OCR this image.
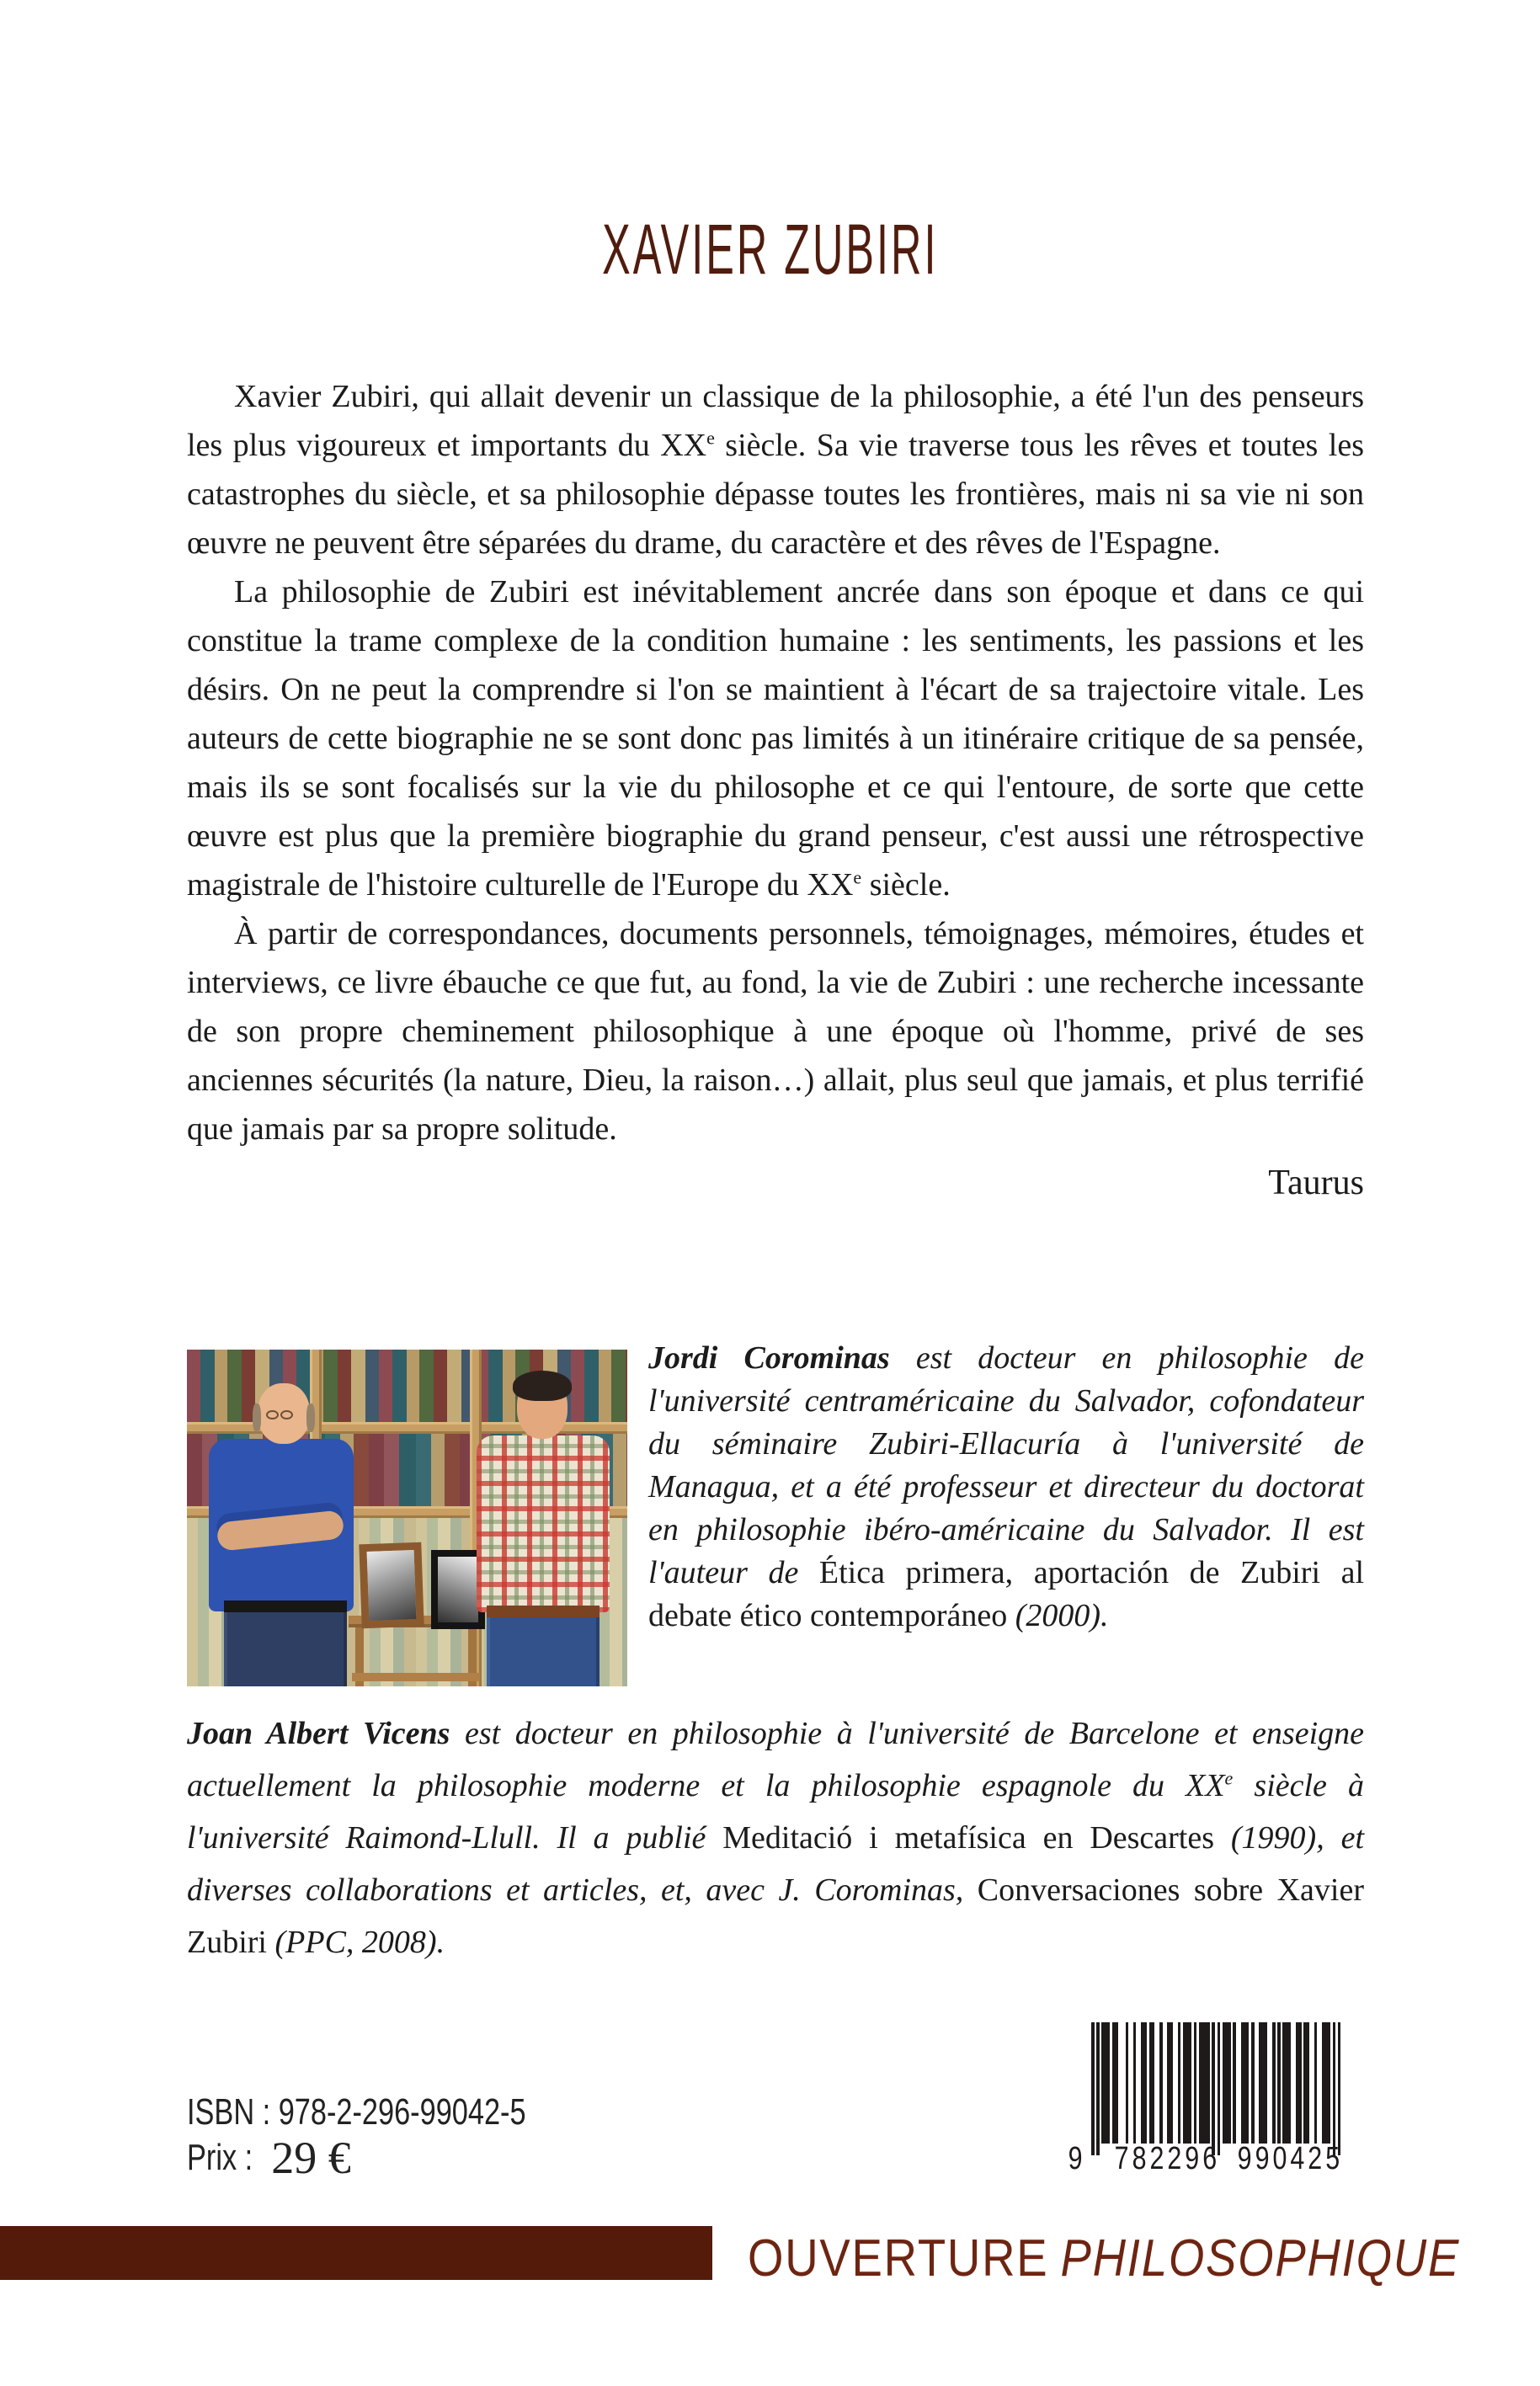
XAVIER ZUBIRI

Xavier Zubiri, qui allait devenir un classique de la philosophie, a été l'un des penseurs les plus vigoureux et importants du XXe siècle. Sa vie traverse tous les rêves et toutes les catastrophes du siècle, et sa philosophie dépasse toutes les frontières, mais ni sa vie ni son œuvre ne peuvent être séparées du drame, du caractère et des rêves de l'Espagne.

La philosophie de Zubiri est inévitablement ancrée dans son époque et dans ce qui constitue la trame complexe de la condition humaine : les sentiments, les passions et les désirs. On ne peut la comprendre si l'on se maintient à l'écart de sa trajectoire vitale. Les auteurs de cette biographie ne se sont donc pas limités à un itinéraire critique de sa pensée, mais ils se sont focalisés sur la vie du philosophe et ce qui l'entoure, de sorte que cette œuvre est plus que la première biographie du grand penseur, c'est aussi une rétrospective magistrale de l'histoire culturelle de l'Europe du XXe siècle.

À partir de correspondances, documents personnels, témoignages, mémoires, études et interviews, ce livre ébauche ce que fut, au fond, la vie de Zubiri : une recherche incessante de son propre cheminement philosophique à une époque où l'homme, privé de ses anciennes sécurités (la nature, Dieu, la raison…) allait, plus seul que jamais, et plus terrifié que jamais par sa propre solitude.

Taurus

Jordi Corominas est docteur en philosophie de l'université centraméricaine du Salvador, cofondateur du séminaire Zubiri-Ellacuría à l'université de Managua, et a été professeur et directeur du doctorat en philosophie ibéro-américaine du Salvador. Il est l'auteur de Ética primera, aportación de Zubiri al debate ético contemporáneo (2000).
Joan Albert Vicens est docteur en philosophie à l'université de Barcelone et enseigne actuellement la philosophie moderne et la philosophie espagnole du XXe siècle à l'université Raimond-Llull. Il a publié Meditació i metafísica en Descartes (1990), et diverses collaborations et articles, et, avec J. Corominas, Conversaciones sobre Xavier Zubiri (PPC, 2008).
ISBN : 978-2-296-99042-5
Prix : 29 €	9 782296 990425
OUVERTURE PHILOSOPHIQUE
